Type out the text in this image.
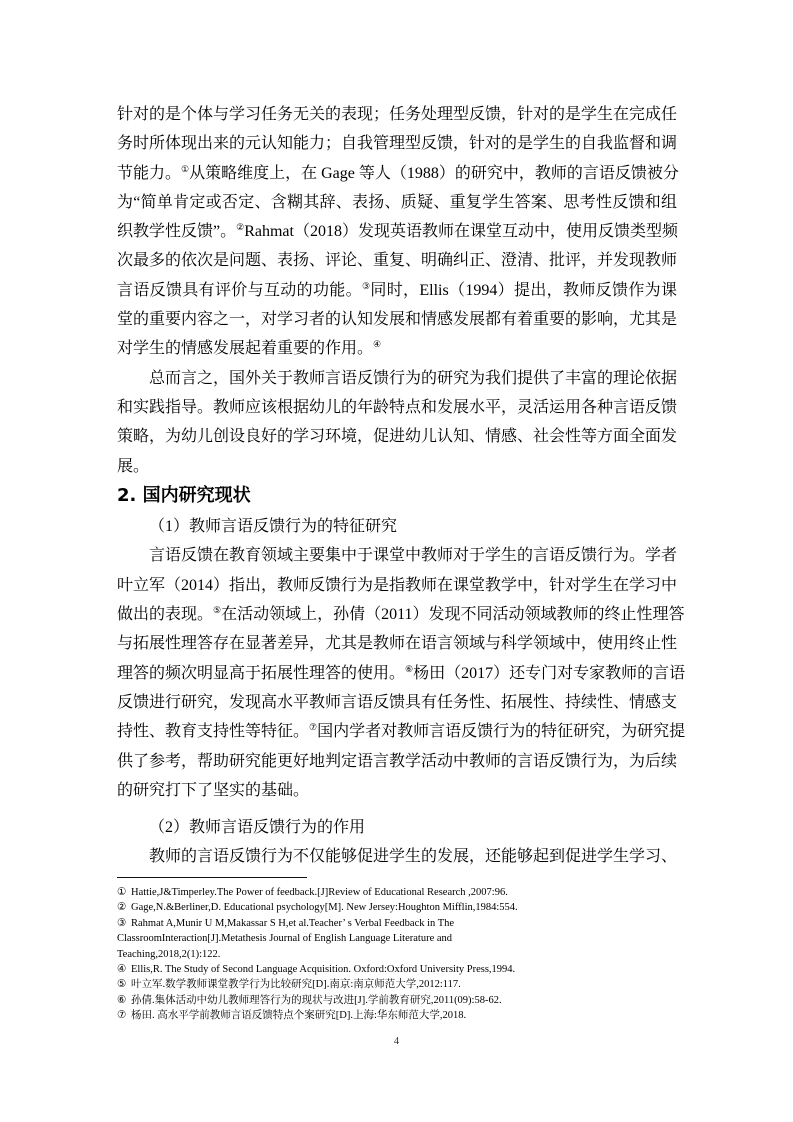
针对的是个体与学习任务无关的表现；任务处理型反馈，针对的是学生在完成任
务时所体现出来的元认知能力；自我管理型反馈，针对的是学生的自我监督和调
节能力。①从策略维度上，在 Gage 等人（1988）的研究中，教师的言语反馈被分
为“简单肯定或否定、含糊其辞、表扬、质疑、重复学生答案、思考性反馈和组
织教学性反馈”。②Rahmat（2018）发现英语教师在课堂互动中，使用反馈类型频
次最多的依次是问题、表扬、评论、重复、明确纠正、澄清、批评，并发现教师
言语反馈具有评价与互动的功能。③同时，Ellis（1994）提出，教师反馈作为课
堂的重要内容之一，对学习者的认知发展和情感发展都有着重要的影响，尤其是
对学生的情感发展起着重要的作用。④
总而言之，国外关于教师言语反馈行为的研究为我们提供了丰富的理论依据
和实践指导。教师应该根据幼儿的年龄特点和发展水平，灵活运用各种言语反馈
策略，为幼儿创设良好的学习环境，促进幼儿认知、情感、社会性等方面全面发
展。
2. 国内研究现状
（1）教师言语反馈行为的特征研究
言语反馈在教育领域主要集中于课堂中教师对于学生的言语反馈行为。学者
叶立军（2014）指出，教师反馈行为是指教师在课堂教学中，针对学生在学习中
做出的表现。⑤在活动领域上，孙倩（2011）发现不同活动领域教师的终止性理答
与拓展性理答存在显著差异，尤其是教师在语言领域与科学领域中，使用终止性
理答的频次明显高于拓展性理答的使用。⑥杨田（2017）还专门对专家教师的言语
反馈进行研究，发现高水平教师言语反馈具有任务性、拓展性、持续性、情感支
持性、教育支持性等特征。⑦国内学者对教师言语反馈行为的特征研究，为研究提
供了参考，帮助研究能更好地判定语言教学活动中教师的言语反馈行为，为后续
的研究打下了坚实的基础。
（2）教师言语反馈行为的作用
教师的言语反馈行为不仅能够促进学生的发展，还能够起到促进学生学习、
① Hattie,J&Timperley.The Power of feedback.[J]Review of Educational Research ,2007:96.
② Gage,N.&Berliner,D. Educational psychology[M]. New Jersey:Houghton Mifflin,1984:554.
③ Rahmat A,Munir U M,Makassar S H,et al.Teacher’ s Verbal Feedback in The
ClassroomInteraction[J].Metathesis Journal of English Language Literature and
Teaching,2018,2(1):122.
④ Ellis,R. The Study of Second Language Acquisition. Oxford:Oxford University Press,1994.
⑤ 叶立军.数学教师课堂教学行为比较研究[D].南京:南京师范大学,2012:117.
⑥ 孙倩.集体活动中幼儿教师理答行为的现状与改进[J].学前教育研究,2011(09):58-62.
⑦ 杨田. 高水平学前教师言语反馈特点个案研究[D].上海:华东师范大学,2018.
4
